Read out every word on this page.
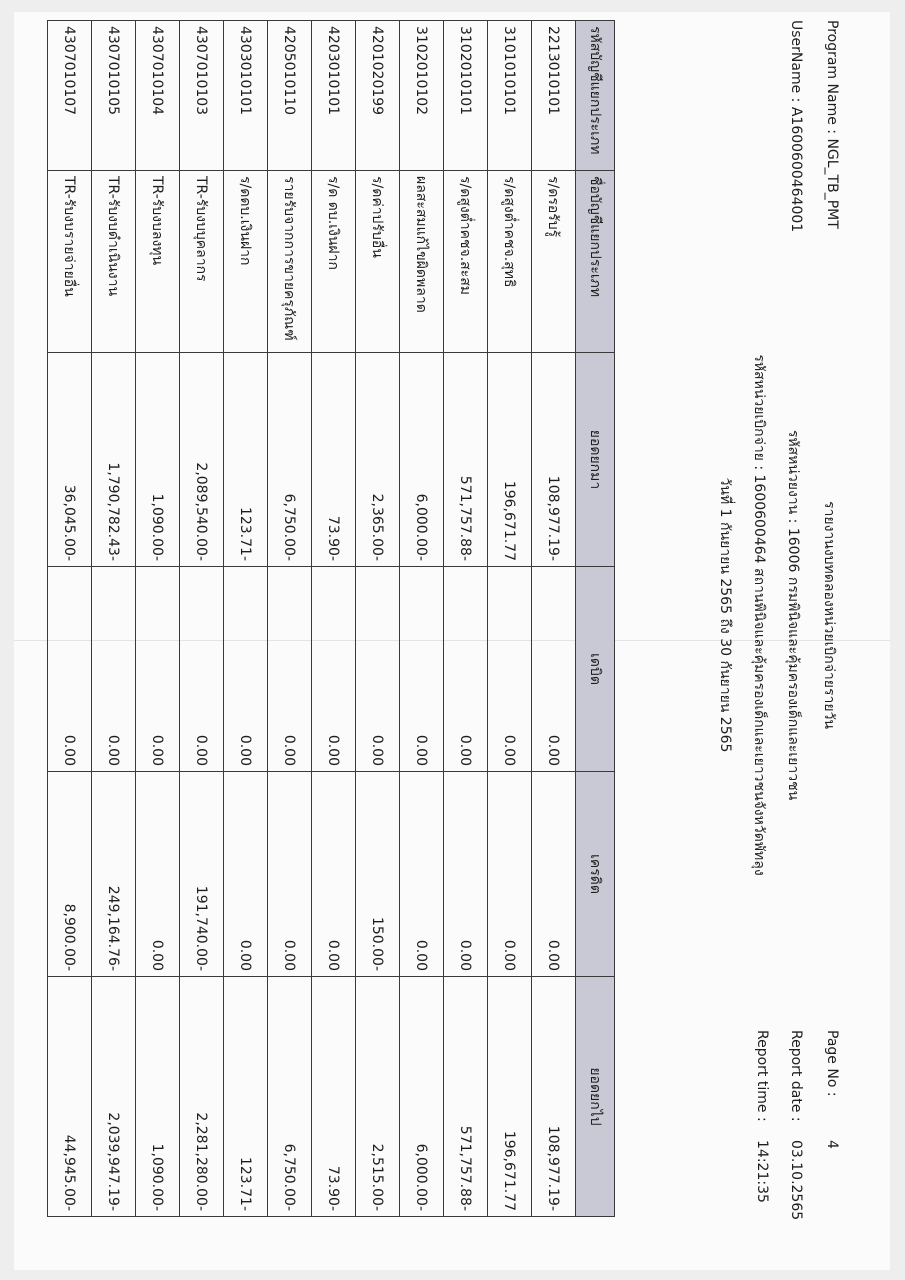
Program Name : NGL_TB_PMT
UserName : A1600600464001
รายงานงบทดลองหน่วยเบิกจ่ายรายวัน
รหัสหน่วยงาน : 16006 กรมพินิจและคุ้มครองเด็กและเยาวชน
รหัสหน่วยเบิกจ่าย : 1600600464 สถานพินิจและคุ้มครองเด็กและเยาวชนจังหวัดพัทลุง
วันที่ 1 กันยายน 2565 ถึง 30 กันยายน 2565
Page No :
4
Report date :
03.10.2565
Report time :
14:21:35
รหัสบัญชีแยกประเภท	ชื่อบัญชีแยกประเภท	ยอดยกมา	เดบิต	เครดิต	ยอดยกไป
2213010101	ร/ดรอรับรู้	108,977.19-	0.00	0.00	108,977.19-
3101010101	ร/ดสูงต่ำคชจ.สุทธิ	196,671.77	0.00	0.00	196,671.77
3102010101	ร/ดสูงต่ำคชจ.สะสม	571,757.88-	0.00	0.00	571,757.88-
3102010102	ผลสะสมแก้ไขผิดพลาด	6,000.00-	0.00	0.00	6,000.00-
4201020199	ร/ดค่าปรับอื่น	2,365.00-	0.00	150.00-	2,515.00-
4203010101	ร/ด ดบ.เงินฝาก	73.90-	0.00	0.00	73.90-
4205010110	รายรับจากการขายครุภัณฑ์	6,750.00-	0.00	0.00	6,750.00-
4303010101	ร/ดดบ.เงินฝาก	123.71-	0.00	0.00	123.71-
4307010103	TR-รับงบบุคลากร	2,089,540.00-	0.00	191,740.00-	2,281,280.00-
4307010104	TR-รับงบลงทุน	1,090.00-	0.00	0.00	1,090.00-
4307010105	TR-รับงบดำเนินงาน	1,790,782.43-	0.00	249,164.76-	2,039,947.19-
4307010107	TR-รับงบรายจ่ายอื่น	36,045.00-	0.00	8,900.00-	44,945.00-
